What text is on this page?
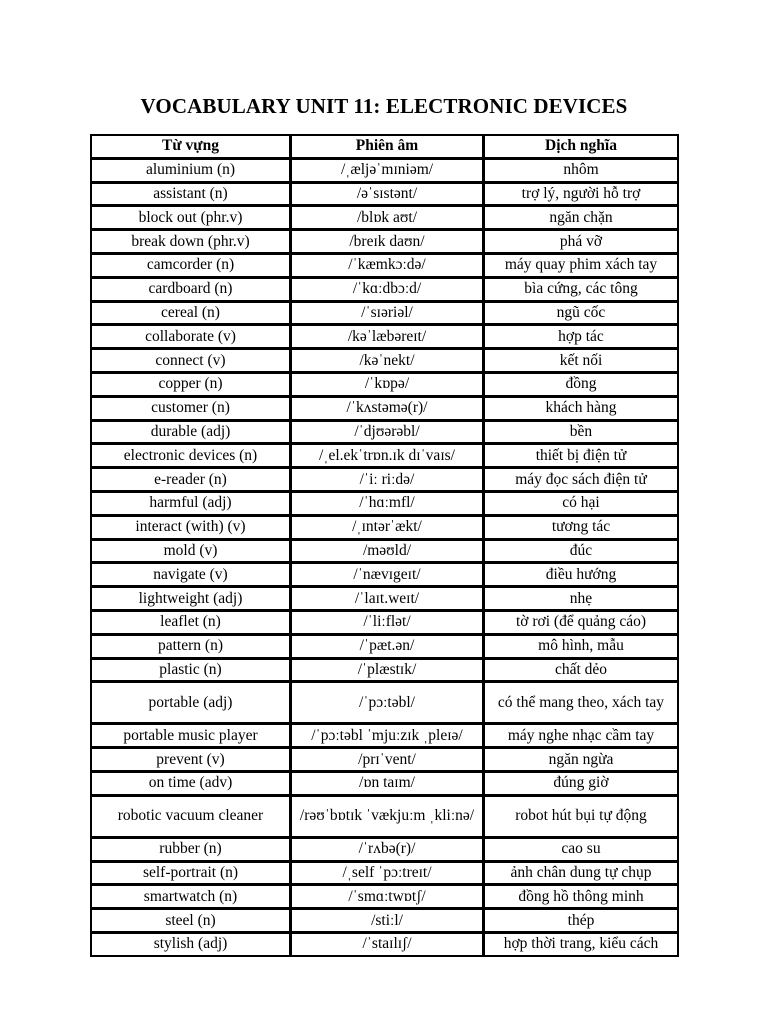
VOCABULARY UNIT 11: ELECTRONIC DEVICES
Từ vựng	Phiên âm	Dịch nghĩa
aluminium (n)	/ˌæljəˈmɪniəm/	nhôm
assistant (n)	/əˈsɪstənt/	trợ lý, người hỗ trợ
block out (phr.v)	/blɒk aʊt/	ngăn chặn
break down (phr.v)	/breɪk daʊn/	phá vỡ
camcorder (n)	/ˈkæmkɔːdə/	máy quay phim xách tay
cardboard (n)	/ˈkɑːdbɔːd/	bìa cứng, các tông
cereal (n)	/ˈsɪəriəl/	ngũ cốc
collaborate (v)	/kəˈlæbəreɪt/	hợp tác
connect (v)	/kəˈnekt/	kết nối
copper (n)	/ˈkɒpə/	đồng
customer (n)	/ˈkʌstəmə(r)/	khách hàng
durable (adj)	/ˈdjʊərəbl/	bền
electronic devices (n)	/ˌel.ekˈtrɒn.ɪk dɪˈvaɪs/	thiết bị điện tử
e-reader (n)	/ˈiː riːdə/	máy đọc sách điện tử
harmful (adj)	/ˈhɑːmfl/	có hại
interact (with) (v)	/ˌɪntərˈækt/	tương tác
mold (v)	/məʊld/	đúc
navigate (v)	/ˈnævɪgeɪt/	điều hướng
lightweight (adj)	/ˈlaɪt.weɪt/	nhẹ
leaflet (n)	/ˈliːflət/	tờ rơi (để quảng cáo)
pattern (n)	/ˈpæt.ən/	mô hình, mẫu
plastic (n)	/ˈplæstɪk/	chất dẻo
portable (adj)	/ˈpɔːtəbl/	có thể mang theo, xách tay
portable music player	/ˈpɔːtəbl ˈmjuːzɪk ˌpleɪə/	máy nghe nhạc cầm tay
prevent (v)	/prɪˈvent/	ngăn ngừa
on time (adv)	/ɒn taɪm/	đúng giờ
robotic vacuum cleaner	/rəʊˈbɒtɪk ˈvækjuːm ˌkliːnə/	robot hút bụi tự động
rubber (n)	/ˈrʌbə(r)/	cao su
self-portrait (n)	/ˌself ˈpɔːtreɪt/	ảnh chân dung tự chụp
smartwatch (n)	/ˈsmɑːtwɒtʃ/	đồng hồ thông minh
steel (n)	/stiːl/	thép
stylish (adj)	/ˈstaɪlɪʃ/	hợp thời trang, kiểu cách
